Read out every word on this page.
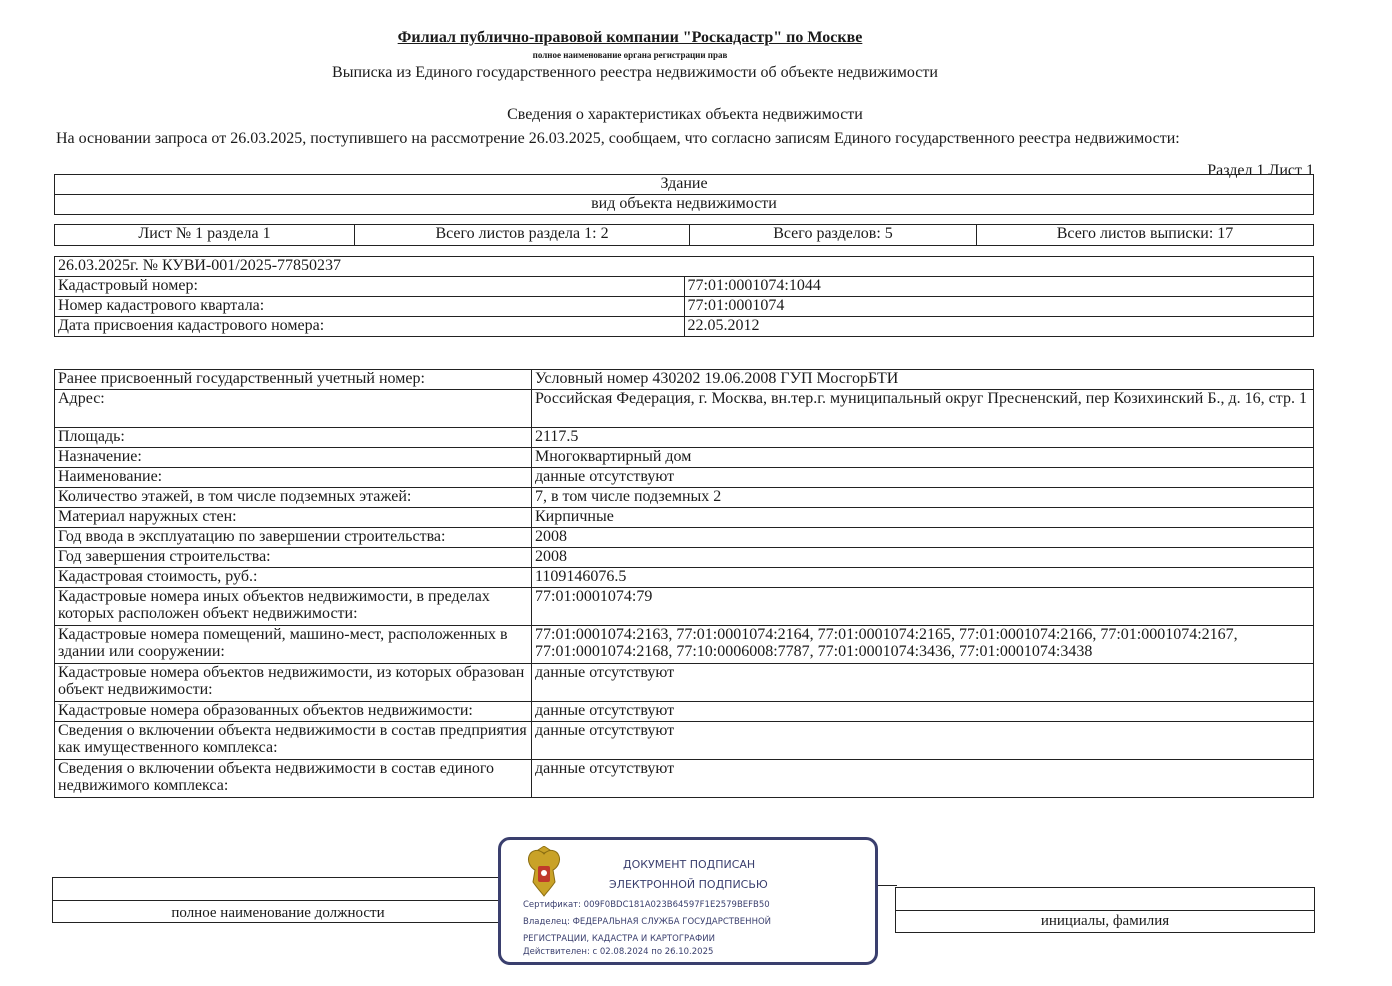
Филиал публично-правовой компании "Роскадастр" по Москве
полное наименование органа регистрации прав
Выписка из Единого государственного реестра недвижимости об объекте недвижимости
Сведения о характеристиках объекта недвижимости
На основании запроса от 26.03.2025, поступившего на рассмотрение 26.03.2025, сообщаем, что согласно записям Единого государственного реестра недвижимости:
Раздел 1 Лист 1
Здание
вид объекта недвижимости
Лист № 1 раздела 1	Всего листов раздела 1: 2	Всего разделов: 5	Всего листов выписки: 17
26.03.2025г. № КУВИ-001/2025-77850237	
Кадастровый номер:	77:01:0001074:1044
Номер кадастрового квартала:	77:01:0001074
Дата присвоения кадастрового номера:	22.05.2012
Ранее присвоенный государственный учетный номер:	Условный номер 430202 19.06.2008 ГУП МосгорБТИ
Адрес:	Российская Федерация, г. Москва, вн.тер.г. муниципальный округ Пресненский, пер Козихинский Б., д. 16, стр. 1
Площадь:	2117.5
Назначение:	Многоквартирный дом
Наименование:	данные отсутствуют
Количество этажей, в том числе подземных этажей:	7, в том числе подземных 2
Материал наружных стен:	Кирпичные
Год ввода в эксплуатацию по завершении строительства:	2008
Год завершения строительства:	2008
Кадастровая стоимость, руб.:	1109146076.5
Кадастровые номера иных объектов недвижимости, в пределах которых расположен объект недвижимости:	77:01:0001074:79
Кадастровые номера помещений, машино-мест, расположенных в здании или сооружении:	77:01:0001074:2163, 77:01:0001074:2164, 77:01:0001074:2165, 77:01:0001074:2166, 77:01:0001074:2167, 77:01:0001074:2168, 77:10:0006008:7787, 77:01:0001074:3436, 77:01:0001074:3438
Кадастровые номера объектов недвижимости, из которых образован объект недвижимости:	данные отсутствуют
Кадастровые номера образованных объектов недвижимости:	данные отсутствуют
Сведения о включении объекта недвижимости в состав предприятия как имущественного комплекса:	данные отсутствуют
Сведения о включении объекта недвижимости в состав единого недвижимого комплекса:	данные отсутствуют
полное наименование должности	инициалы, фамилия
ДОКУМЕНТ ПОДПИСАН
ЭЛЕКТРОННОЙ ПОДПИСЬЮ
Сертификат: 009F0BDC181A023B64597F1E2579BEFB50
Владелец: ФЕДЕРАЛЬНАЯ СЛУЖБА ГОСУДАРСТВЕННОЙ
РЕГИСТРАЦИИ, КАДАСТРА И КАРТОГРАФИИ
Действителен: с 02.08.2024 по 26.10.2025
